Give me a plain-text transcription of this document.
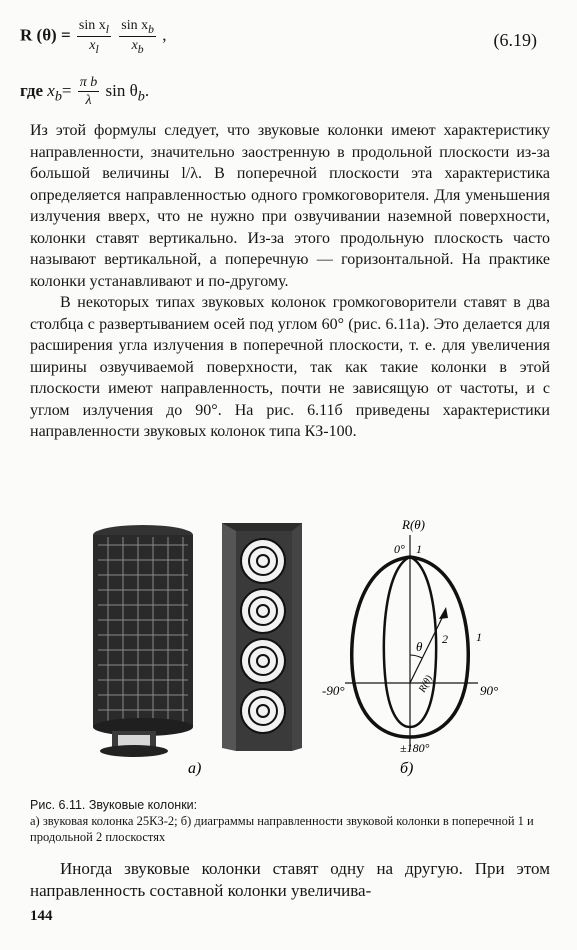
R $(\theta) = \frac{\sin x_l}{x_l}$
$\frac{\sin x_b}{x_b}$ ,	(6.19)
где $x_b= \frac{\text{π b}}{\lambda}$ $\sin \theta_b$.

Из этой формулы следует, что звуковые колонки имеют характеристику направленности, значительно заостренную в продольной плоскости из-за большой величины l/λ. В поперечной плоскости эта характеристика определяется направленностью одного громкоговорителя. Для уменьшения излучения вверх, что не нужно при озвучивании наземной поверхности, колонки ставят вертикально. Из-за этого продольную плоскость часто называют вертикальной, а поперечную — горизонтальной. На практике колонки устанавливают и по-другому.

В некоторых типах звуковых колонок громкоговорители ставят в два столбца с развертыванием осей под углом 60° (рис. 6.11а). Это делается для расширения угла излучения в поперечной плоскости, т. е. для увеличения ширины озвучиваемой поверхности, так как такие колонки в этой плоскости имеют направленность, почти не зависящую от частоты, и с углом излучения до 90°. На рис. 6.11б приведены характеристики направленности звуковых колонок типа КЗ-100.

а)
R(θ)
0° 1
θ 2 1
R(θ)
-90°	90°
±180°
б)
Рис. 6.11. Звуковые колонки:
а) звуковая колонка 25КЗ-2; б) диаграммы направленности звуковой колонки в поперечной 1 и продольной 2 плоскостях

Иногда звуковые колонки ставят одну на другую. При этом направленность составной колонки увеличива-

144
